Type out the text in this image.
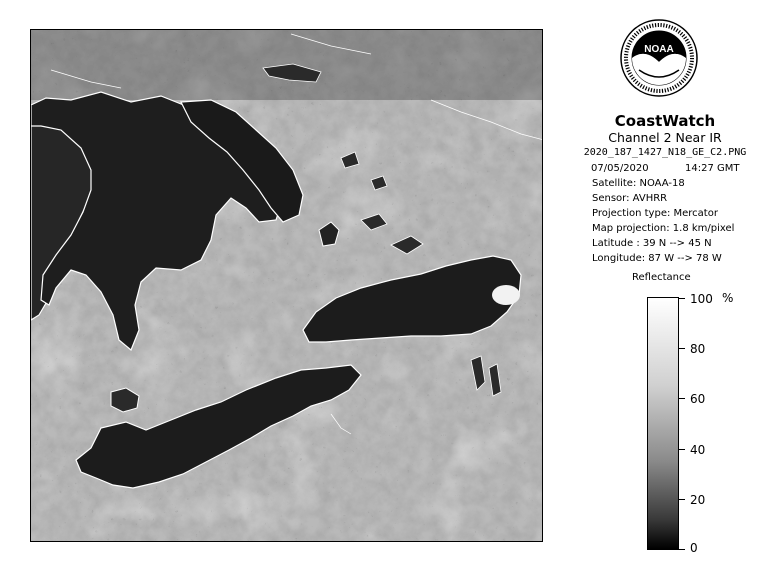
NOAA
CoastWatch
Channel 2 Near IR
2020_187_1427_N18_GE_C2.PNG
07/05/2020	14:27 GMT
Satellite: NOAA-18
Sensor: AVHRR
Projection type: Mercator
Map projection: 1.8 km/pixel
Latitude : 39 N --> 45 N
Longitude: 87 W --> 78 W
Reflectance
%
100
80
60
40
20
0
